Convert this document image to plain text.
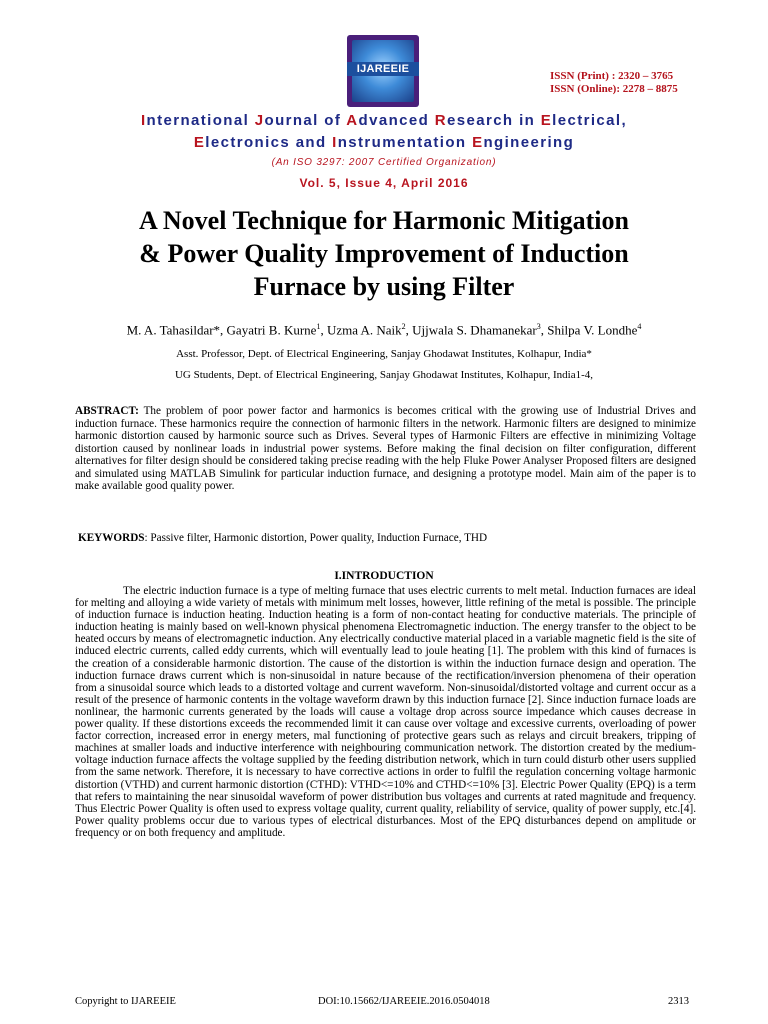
IJAREEIE
ISSN (Print) : 2320 – 3765
ISSN (Online): 2278 – 8875
International Journal of Advanced Research in Electrical,
Electronics and Instrumentation Engineering
(An ISO 3297: 2007 Certified Organization)
Vol. 5, Issue 4, April 2016
A Novel Technique for Harmonic Mitigation
& Power Quality Improvement of Induction
Furnace by using Filter
M. A. Tahasildar*, Gayatri B. Kurne$^1$, Uzma A. Naik$^2$, Ujjwala S. Dhamanekar$^3$, Shilpa V. Londhe$^4$
Asst. Professor, Dept. of Electrical Engineering, Sanjay Ghodawat Institutes, Kolhapur, India*
UG Students, Dept. of Electrical Engineering, Sanjay Ghodawat Institutes, Kolhapur, India1-4,

ABSTRACT: The problem of poor power factor and harmonics is becomes critical with the growing use of Industrial Drives and induction furnace. These harmonics require the connection of harmonic filters in the network. Harmonic filters are designed to minimize harmonic distortion caused by harmonic source such as Drives. Several types of Harmonic Filters are effective in minimizing Voltage distortion caused by nonlinear loads in industrial power systems. Before making the final decision on filter configuration, different alternatives for filter design should be considered taking precise reading with the help Fluke Power Analyser Proposed filters are designed and simulated using MATLAB Simulink for particular induction furnace, and designing a prototype model. Main aim of the paper is to make available good quality power.

KEYWORDS: Passive filter, Harmonic distortion, Power quality, Induction Furnace, THD

I.INTRODUCTION

The electric induction furnace is a type of melting furnace that uses electric currents to melt metal. Induction furnaces are ideal for melting and alloying a wide variety of metals with minimum melt losses, however, little refining of the metal is possible. The principle of induction furnace is induction heating. Induction heating is a form of non-contact heating for conductive materials. The principle of induction heating is mainly based on well-known physical phenomena Electromagnetic induction. The energy transfer to the object to be heated occurs by means of electromagnetic induction. Any electrically conductive material placed in a variable magnetic field is the site of induced electric currents, called eddy currents, which will eventually lead to joule heating [1]. The problem with this kind of furnaces is the creation of a considerable harmonic distortion. The cause of the distortion is within the induction furnace design and operation. The induction furnace draws current which is non-sinusoidal in nature because of the rectification/inversion phenomena of their operation from a sinusoidal source which leads to a distorted voltage and current waveform. Non-sinusoidal/distorted voltage and current occur as a result of the presence of harmonic contents in the voltage waveform drawn by this induction furnace [2]. Since induction furnace loads are nonlinear, the harmonic currents generated by the loads will cause a voltage drop across source impedance which causes decrease in power quality. If these distortions exceeds the recommended limit it can cause over voltage and excessive currents, overloading of power factor correction, increased error in energy meters, mal functioning of protective gears such as relays and circuit breakers, tripping of machines at smaller loads and inductive interference with neighbouring communication network. The distortion created by the medium-voltage induction furnace affects the voltage supplied by the feeding distribution network, which in turn could disturb other users supplied from the same network. Therefore, it is necessary to have corrective actions in order to fulfil the regulation concerning voltage harmonic distortion (VTHD) and current harmonic distortion (CTHD): VTHD<=10% and CTHD<=10% [3]. Electric Power Quality (EPQ) is a term that refers to maintaining the near sinusoidal waveform of power distribution bus voltages and currents at rated magnitude and frequency. Thus Electric Power Quality is often used to express voltage quality, current quality, reliability of service, quality of power supply, etc.[4]. Power quality problems occur due to various types of electrical disturbances. Most of the EPQ disturbances depend on amplitude or frequency or on both frequency and amplitude.

Copyright to IJAREEIE	DOI:10.15662/IJAREEIE.2016.0504018	2313
